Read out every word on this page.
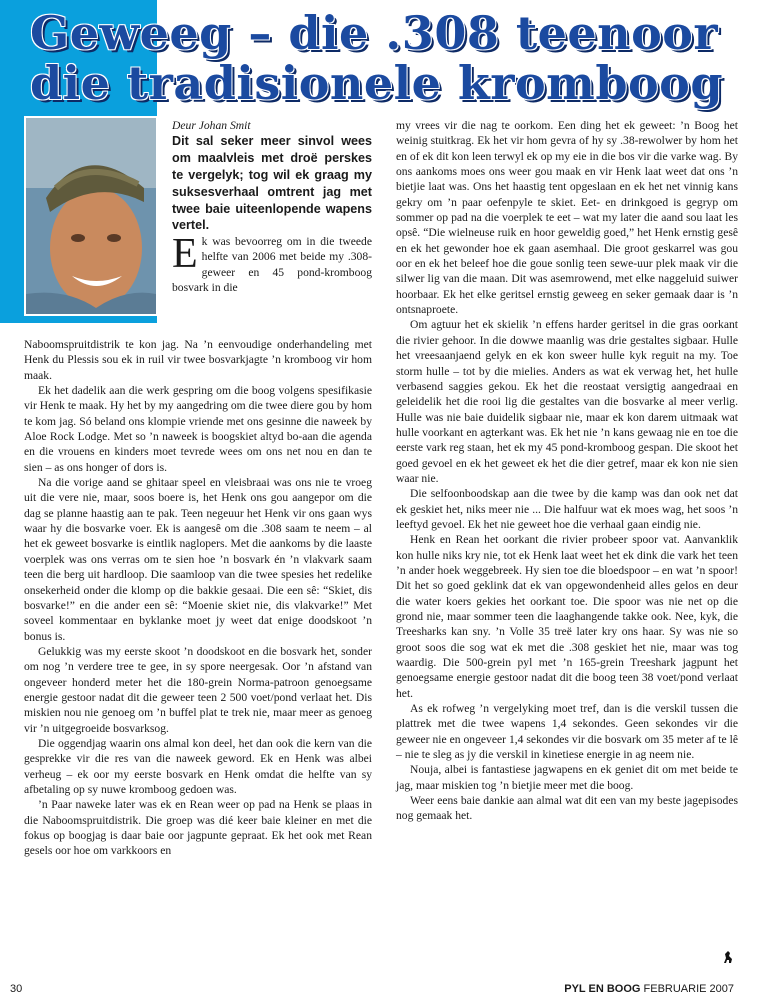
Geweeg – die .308 teenoor
die tradisionele kromboog

Deur Johan Smit

Dit sal seker meer sinvol wees om maalvleis met droë perskes te vergelyk; tog wil ek graag my suksesverhaal omtrent jag met twee baie uiteenlopende wapens vertel.

Ek was bevoorreg om in die tweede helfte van 2006 met beide my .308-geweer en 45 pond-kromboog bosvark in die

Naboomspruitdistrik te kon jag. Na ’n eenvoudige onderhandeling met Henk du Plessis sou ek in ruil vir twee bosvarkjagte ’n kromboog vir hom maak.

Ek het dadelik aan die werk gespring om die boog volgens spesifikasie vir Henk te maak. Hy het by my aangedring om die twee diere gou by hom te kom jag. Só beland ons klompie vriende met ons gesinne die naweek by Aloe Rock Lodge. Met so ’n naweek is boogskiet altyd bo-aan die agenda en die vrouens en kinders moet tevrede wees om ons net nou en dan te sien – as ons honger of dors is.

Na die vorige aand se ghitaar speel en vleisbraai was ons nie te vroeg uit die vere nie, maar, soos boere is, het Henk ons gou aangepor om die dag se planne haastig aan te pak. Teen negeuur het Henk vir ons gaan wys waar hy die bosvarke voer. Ek is aangesê om die .308 saam te neem – al het ek geweet bosvarke is eintlik naglopers. Met die aankoms by die laaste voerplek was ons verras om te sien hoe ’n bosvark én ’n vlakvark saam teen die berg uit hardloop. Die saamloop van die twee spesies het redelike onsekerheid onder die klomp op die bakkie gesaai. Die een sê: “Skiet, dis bosvarke!” en die ander een sê: “Moenie skiet nie, dis vlakvarke!” Met soveel kommentaar en byklanke moet jy weet dat enige doodskoot ’n bonus is.

Gelukkig was my eerste skoot ’n doodskoot en die bosvark het, sonder om nog ’n verdere tree te gee, in sy spore neergesak. Oor ’n afstand van ongeveer honderd meter het die 180-grein Norma-patroon genoegsame energie gestoor nadat dit die geweer teen 2 500 voet/pond verlaat het. Dis miskien nou nie genoeg om ’n buffel plat te trek nie, maar meer as genoeg vir ’n uitgegroeide bosvarksog.

Die oggendjag waarin ons almal kon deel, het dan ook die kern van die gesprekke vir die res van die naweek geword. Ek en Henk was albei verheug – ek oor my eerste bosvark en Henk omdat die helfte van sy afbetaling op sy nuwe kromboog gedoen was.

’n Paar naweke later was ek en Rean weer op pad na Henk se plaas in die Naboomspruitdistrik. Die groep was dié keer baie kleiner en met die fokus op boogjag is daar baie oor jagpunte gepraat. Ek het ook met Rean gesels oor hoe om varkkoors en

my vrees vir die nag te oorkom. Een ding het ek geweet: ’n Boog het weinig stuitkrag. Ek het vir hom gevra of hy sy .38-rewolwer by hom het en of ek dit kon leen terwyl ek op my eie in die bos vir die varke wag. By ons aankoms moes ons weer gou maak en vir Henk laat weet dat ons ’n bietjie laat was. Ons het haastig tent opgeslaan en ek het net vinnig kans gekry om ’n paar oefenpyle te skiet. Eet- en drinkgoed is gegryp om sommer op pad na die voerplek te eet – wat my later die aand sou laat les opsê. “Die wielneuse ruik en hoor geweldig goed,” het Henk ernstig gesê en ek het gewonder hoe ek gaan asemhaal. Die groot geskarrel was gou oor en ek het beleef hoe die goue sonlig teen sewe-uur plek maak vir die silwer lig van die maan. Dit was asemrowend, met elke naggeluid suiwer hoorbaar. Ek het elke geritsel ernstig geweeg en seker gemaak daar is ’n ontsnaproete.

Om agtuur het ek skielik ’n effens harder geritsel in die gras oorkant die rivier gehoor. In die dowwe maanlig was drie gestaltes sigbaar. Hulle het vreesaanjaend gelyk en ek kon sweer hulle kyk reguit na my. Toe storm hulle – tot by die mielies. Anders as wat ek verwag het, het hulle verbasend saggies gekou. Ek het die reostaat versigtig aangedraai en geleidelik het die rooi lig die gestaltes van die bosvarke al meer verlig. Hulle was nie baie duidelik sigbaar nie, maar ek kon darem uitmaak wat hulle voorkant en agterkant was. Ek het nie ’n kans gewaag nie en toe die eerste vark reg staan, het ek my 45 pond-kromboog gespan. Die skoot het goed gevoel en ek het geweet ek het die dier getref, maar ek kon nie sien waar nie.

Die selfoonboodskap aan die twee by die kamp was dan ook net dat ek geskiet het, niks meer nie ... Die halfuur wat ek moes wag, het soos ’n leeftyd gevoel. Ek het nie geweet hoe die verhaal gaan eindig nie.

Henk en Rean het oorkant die rivier probeer spoor vat. Aanvanklik kon hulle niks kry nie, tot ek Henk laat weet het ek dink die vark het teen ’n ander hoek weggebreek. Hy sien toe die bloedspoor – en wat ’n spoor! Dit het so goed geklink dat ek van opgewondenheid alles gelos en deur die water koers gekies het oorkant toe. Die spoor was nie net op die grond nie, maar sommer teen die laaghangende takke ook. Nee, kyk, die Treesharks kan sny. ’n Volle 35 treë later kry ons haar. Sy was nie so groot soos die sog wat ek met die .308 geskiet het nie, maar was tog waardig. Die 500-grein pyl met ’n 165-grein Treeshark jagpunt het genoegsame energie gestoor nadat dit die boog teen 38 voet/pond verlaat het.

As ek rofweg ’n vergelyking moet tref, dan is die verskil tussen die plattrek met die twee wapens 1,4 sekondes. Geen sekondes vir die geweer nie en ongeveer 1,4 sekondes vir die bosvark om 35 meter af te lê – nie te sleg as jy die verskil in kinetiese energie in ag neem nie.

Nouja, albei is fantastiese jagwapens en ek geniet dit om met beide te jag, maar miskien tog ’n bietjie meer met die boog.

Weer eens baie dankie aan almal wat dit een van my beste jagepisodes nog gemaak het.

30	PYL EN BOOG FEBRUARIE 2007
